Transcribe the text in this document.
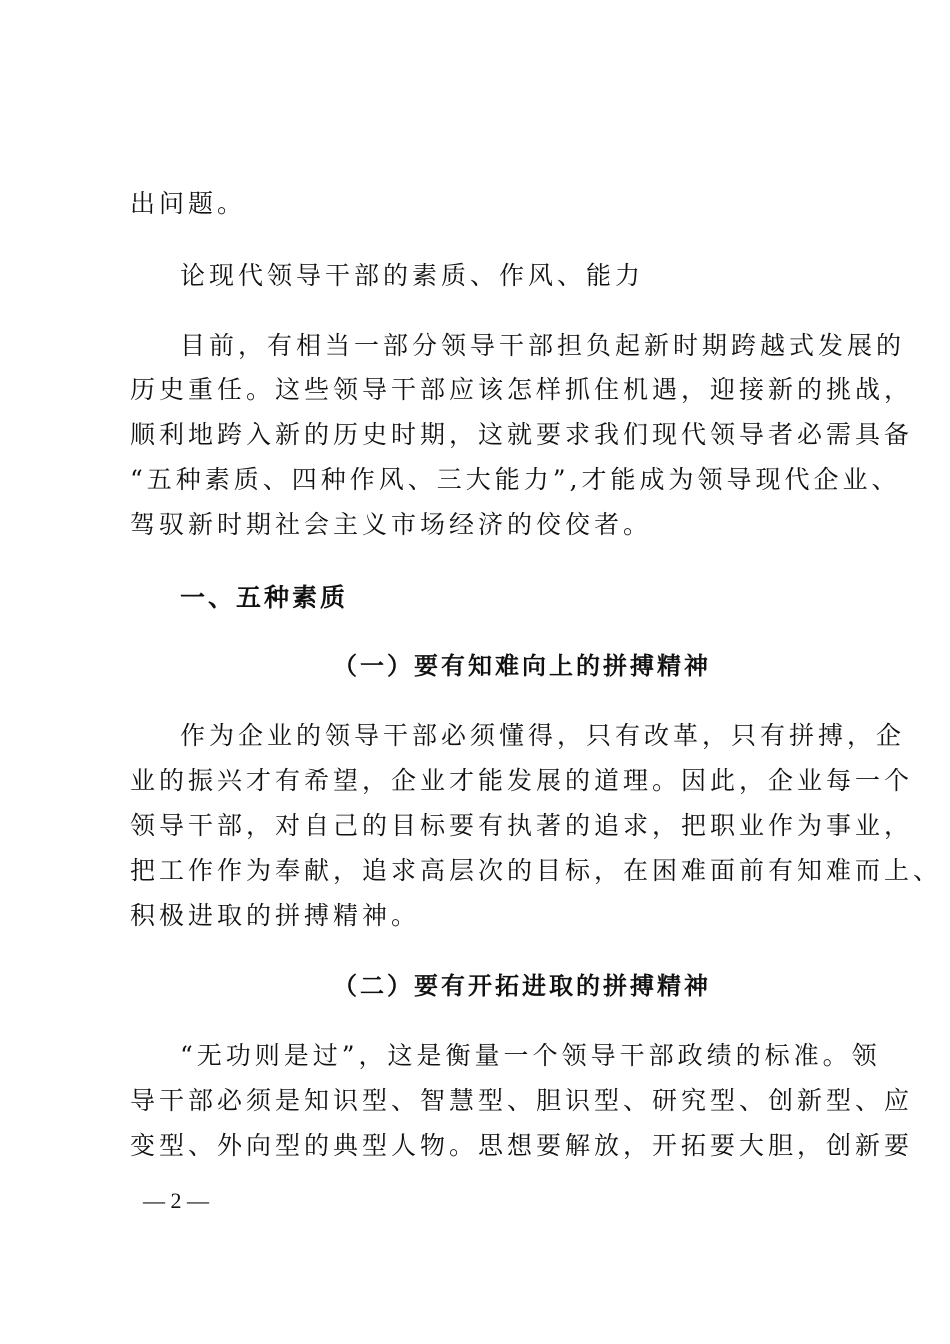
出问题。
论现代领导干部的素质、作风、能力
目前，有相当一部分领导干部担负起新时期跨越式发展的
历史重任。这些领导干部应该怎样抓住机遇，迎接新的挑战，
顺利地跨入新的历史时期，这就要求我们现代领导者必需具备
“五种素质、四种作风、三大能力”,才能成为领导现代企业、
驾驭新时期社会主义市场经济的佼佼者。
一、五种素质
（一）要有知难向上的拼搏精神
作为企业的领导干部必须懂得，只有改革，只有拼搏，企
业的振兴才有希望，企业才能发展的道理。因此，企业每一个
领导干部，对自己的目标要有执著的追求，把职业作为事业，
把工作作为奉献，追求高层次的目标，在困难面前有知难而上、
积极进取的拼搏精神。
（二）要有开拓进取的拼搏精神
“无功则是过”，这是衡量一个领导干部政绩的标准。领
导干部必须是知识型、智慧型、胆识型、研究型、创新型、应
变型、外向型的典型人物。思想要解放，开拓要大胆，创新要
— 2 —
